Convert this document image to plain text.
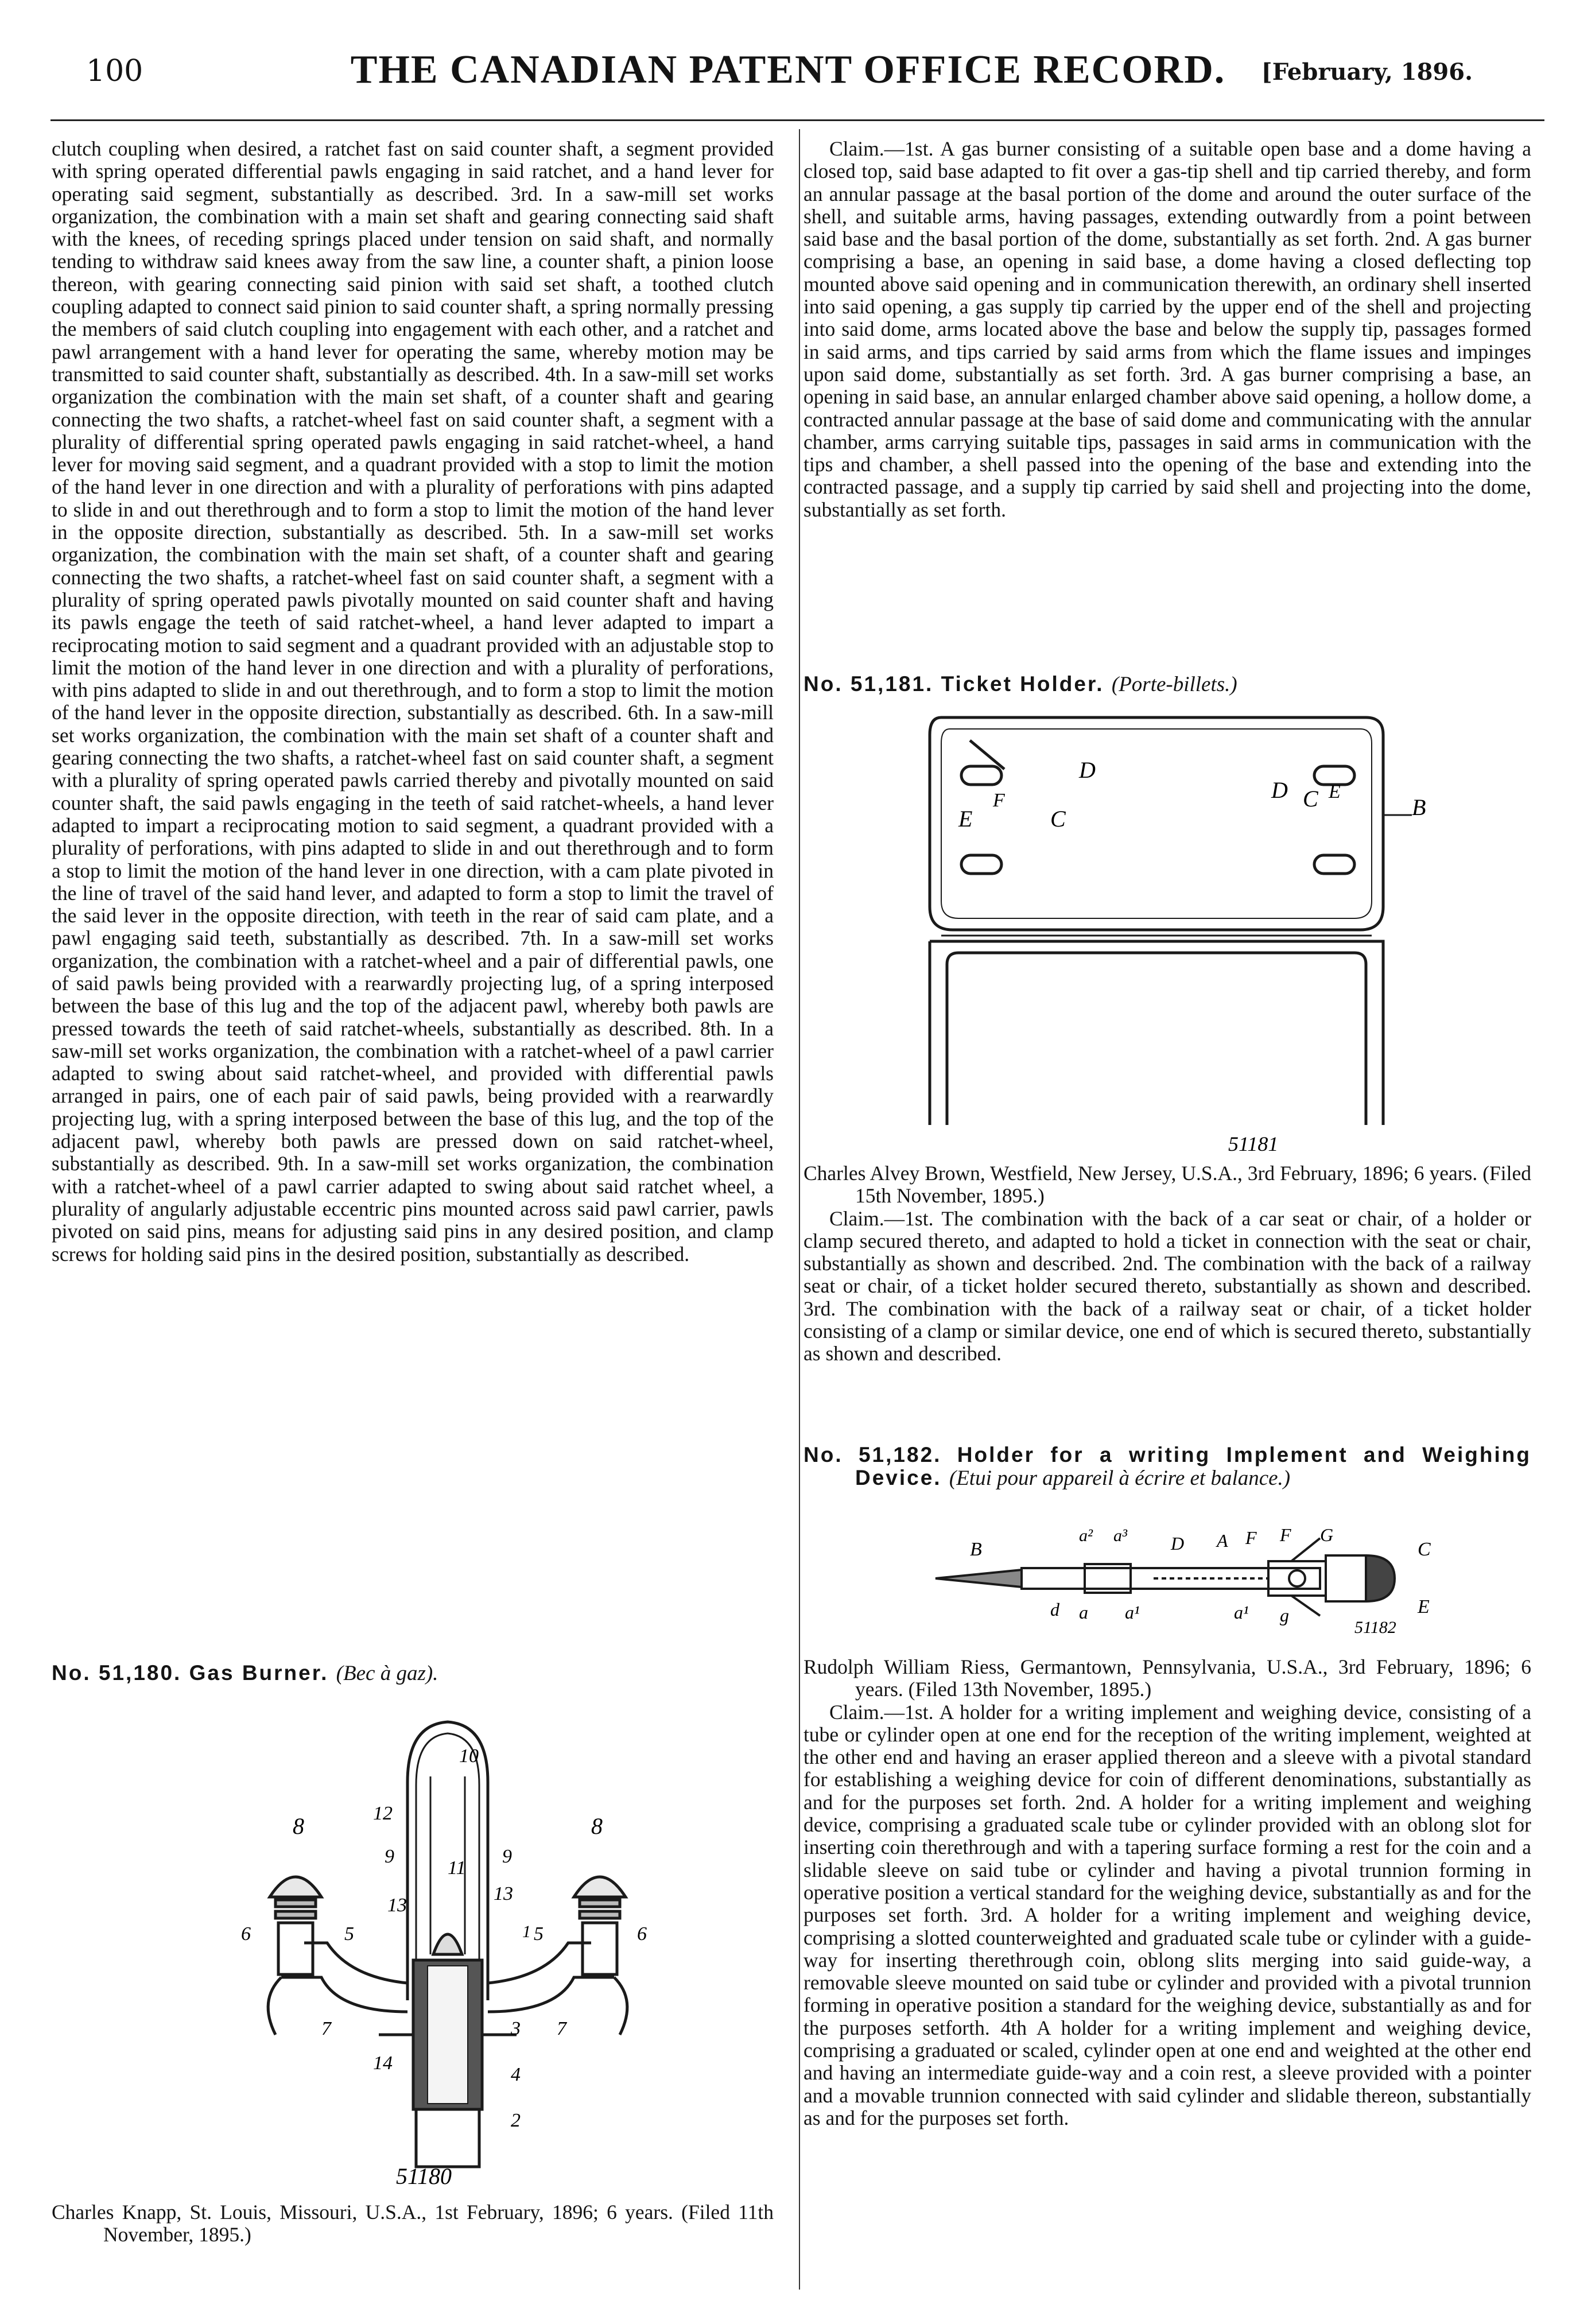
100	THE CANADIAN PATENT OFFICE RECORD.	[February, 1896.

clutch coupling when desired, a ratchet fast on said counter shaft, a segment provided with spring operated differential pawls engaging in said ratchet, and a hand lever for operating said segment, substantially as described. 3rd. In a saw-mill set works organization, the combination with a main set shaft and gearing connecting said shaft with the knees, of receding springs placed under tension on said shaft, and normally tending to withdraw said knees away from the saw line, a counter shaft, a pinion loose thereon, with gearing connecting said pinion with said set shaft, a toothed clutch coupling adapted to connect said pinion to said counter shaft, a spring normally pressing the members of said clutch coupling into engagement with each other, and a ratchet and pawl arrangement with a hand lever for operating the same, whereby motion may be transmitted to said counter shaft, substantially as described. 4th. In a saw-mill set works organization the combination with the main set shaft, of a counter shaft and gearing connecting the two shafts, a ratchet-wheel fast on said counter shaft, a segment with a plurality of differential spring operated pawls engaging in said ratchet-wheel, a hand lever for moving said segment, and a quadrant provided with a stop to limit the motion of the hand lever in one direction and with a plurality of perforations with pins adapted to slide in and out therethrough and to form a stop to limit the motion of the hand lever in the opposite direction, substantially as described. 5th. In a saw-mill set works organization, the combination with the main set shaft, of a counter shaft and gearing connecting the two shafts, a ratchet-wheel fast on said counter shaft, a segment with a plurality of spring operated pawls pivotally mounted on said counter shaft and having its pawls engage the teeth of said ratchet-wheel, a hand lever adapted to impart a reciprocating motion to said segment and a quadrant provided with an adjustable stop to limit the motion of the hand lever in one direction and with a plurality of perforations, with pins adapted to slide in and out therethrough, and to form a stop to limit the motion of the hand lever in the opposite direction, substantially as described. 6th. In a saw-mill set works organization, the combination with the main set shaft of a counter shaft and gearing connecting the two shafts, a ratchet-wheel fast on said counter shaft, a segment with a plurality of spring operated pawls carried thereby and pivotally mounted on said counter shaft, the said pawls engaging in the teeth of said ratchet-wheels, a hand lever adapted to impart a reciprocating motion to said segment, a quadrant provided with a plurality of perforations, with pins adapted to slide in and out therethrough and to form a stop to limit the motion of the hand lever in one direction, with a cam plate pivoted in the line of travel of the said hand lever, and adapted to form a stop to limit the travel of the said lever in the opposite direction, with teeth in the rear of said cam plate, and a pawl engaging said teeth, substantially as described. 7th. In a saw-mill set works organization, the combination with a ratchet-wheel and a pair of differential pawls, one of said pawls being provided with a rearwardly projecting lug, of a spring interposed between the base of this lug and the top of the adjacent pawl, whereby both pawls are pressed towards the teeth of said ratchet-wheels, substantially as described. 8th. In a saw-mill set works organization, the combination with a ratchet-wheel of a pawl carrier adapted to swing about said ratchet-wheel, and provided with differential pawls arranged in pairs, one of each pair of said pawls, being provided with a rearwardly projecting lug, with a spring interposed between the base of this lug, and the top of the adjacent pawl, whereby both pawls are pressed down on said ratchet-wheel, substantially as described. 9th. In a saw-mill set works organization, the combination with a ratchet-wheel of a pawl carrier adapted to swing about said ratchet wheel, a plurality of angularly adjustable eccentric pins mounted across said pawl carrier, pawls pivoted on said pins, means for adjusting said pins in any desired position, and clamp screws for holding said pins in the desired position, substantially as described.

No. 51,180. Gas Burner. (Bec à gaz).
8	8
10
12
9	9
11
13
13
5	5
6	6
7	7
3
14
4
2
1
51180

Charles Knapp, St. Louis, Missouri, U.S.A., 1st February, 1896; 6 years. (Filed 11th November, 1895.)

Claim.—1st. A gas burner consisting of a suitable open base and a dome having a closed top, said base adapted to fit over a gas-tip shell and tip carried thereby, and form an annular passage at the basal portion of the dome and around the outer surface of the shell, and suitable arms, having passages, extending outwardly from a point between said base and the basal portion of the dome, substantially as set forth. 2nd. A gas burner comprising a base, an opening in said base, a dome having a closed deflecting top mounted above said opening and in communication therewith, an ordinary shell inserted into said opening, a gas supply tip carried by the upper end of the shell and projecting into said dome, arms located above the base and below the supply tip, passages formed in said arms, and tips carried by said arms from which the flame issues and impinges upon said dome, substantially as set forth. 3rd. A gas burner comprising a base, an opening in said base, an annular enlarged chamber above said opening, a hollow dome, a contracted annular passage at the base of said dome and communicating with the annular chamber, arms carrying suitable tips, passages in said arms in communication with the tips and chamber, a shell passed into the opening of the base and extending into the contracted passage, and a supply tip carried by said shell and projecting into the dome, substantially as set forth.

No. 51,181. Ticket Holder. (Porte-billets.)
D
F
C
E
D C E
B
51181

Charles Alvey Brown, Westfield, New Jersey, U.S.A., 3rd February, 1896; 6 years. (Filed 15th November, 1895.)

Claim.—1st. The combination with the back of a car seat or chair, of a holder or clamp secured thereto, and adapted to hold a ticket in connection with the seat or chair, substantially as shown and described. 2nd. The combination with the back of a railway seat or chair, of a ticket holder secured thereto, substantially as shown and described. 3rd. The combination with the back of a railway seat or chair, of a ticket holder consisting of a clamp or similar device, one end of which is secured thereto, substantially as shown and described.

No. 51,182. Holder for a writing Implement and Weighing Device. (Etui pour appareil à écrire et balance.)
B
a² a³ D A F F G
C
d a a¹	a¹ g	E
51182

Rudolph William Riess, Germantown, Pennsylvania, U.S.A., 3rd February, 1896; 6 years. (Filed 13th November, 1895.)

Claim.—1st. A holder for a writing implement and weighing device, consisting of a tube or cylinder open at one end for the reception of the writing implement, weighted at the other end and having an eraser applied thereon and a sleeve with a pivotal standard for establishing a weighing device for coin of different denominations, substantially as and for the purposes set forth. 2nd. A holder for a writing implement and weighing device, comprising a graduated scale tube or cylinder provided with an oblong slot for inserting coin therethrough and with a tapering surface forming a rest for the coin and a slidable sleeve on said tube or cylinder and having a pivotal trunnion forming in operative position a vertical standard for the weighing device, substantially as and for the purposes set forth. 3rd. A holder for a writing implement and weighing device, comprising a slotted counterweighted and graduated scale tube or cylinder with a guide-way for inserting therethrough coin, oblong slits merging into said guide-way, a removable sleeve mounted on said tube or cylinder and provided with a pivotal trunnion forming in operative position a standard for the weighing device, substantially as and for the purposes setforth. 4th A holder for a writing implement and weighing device, comprising a graduated or scaled, cylinder open at one end and weighted at the other end and having an intermediate guide-way and a coin rest, a sleeve provided with a pointer and a movable trunnion connected with said cylinder and slidable thereon, substantially as and for the purposes set forth.
